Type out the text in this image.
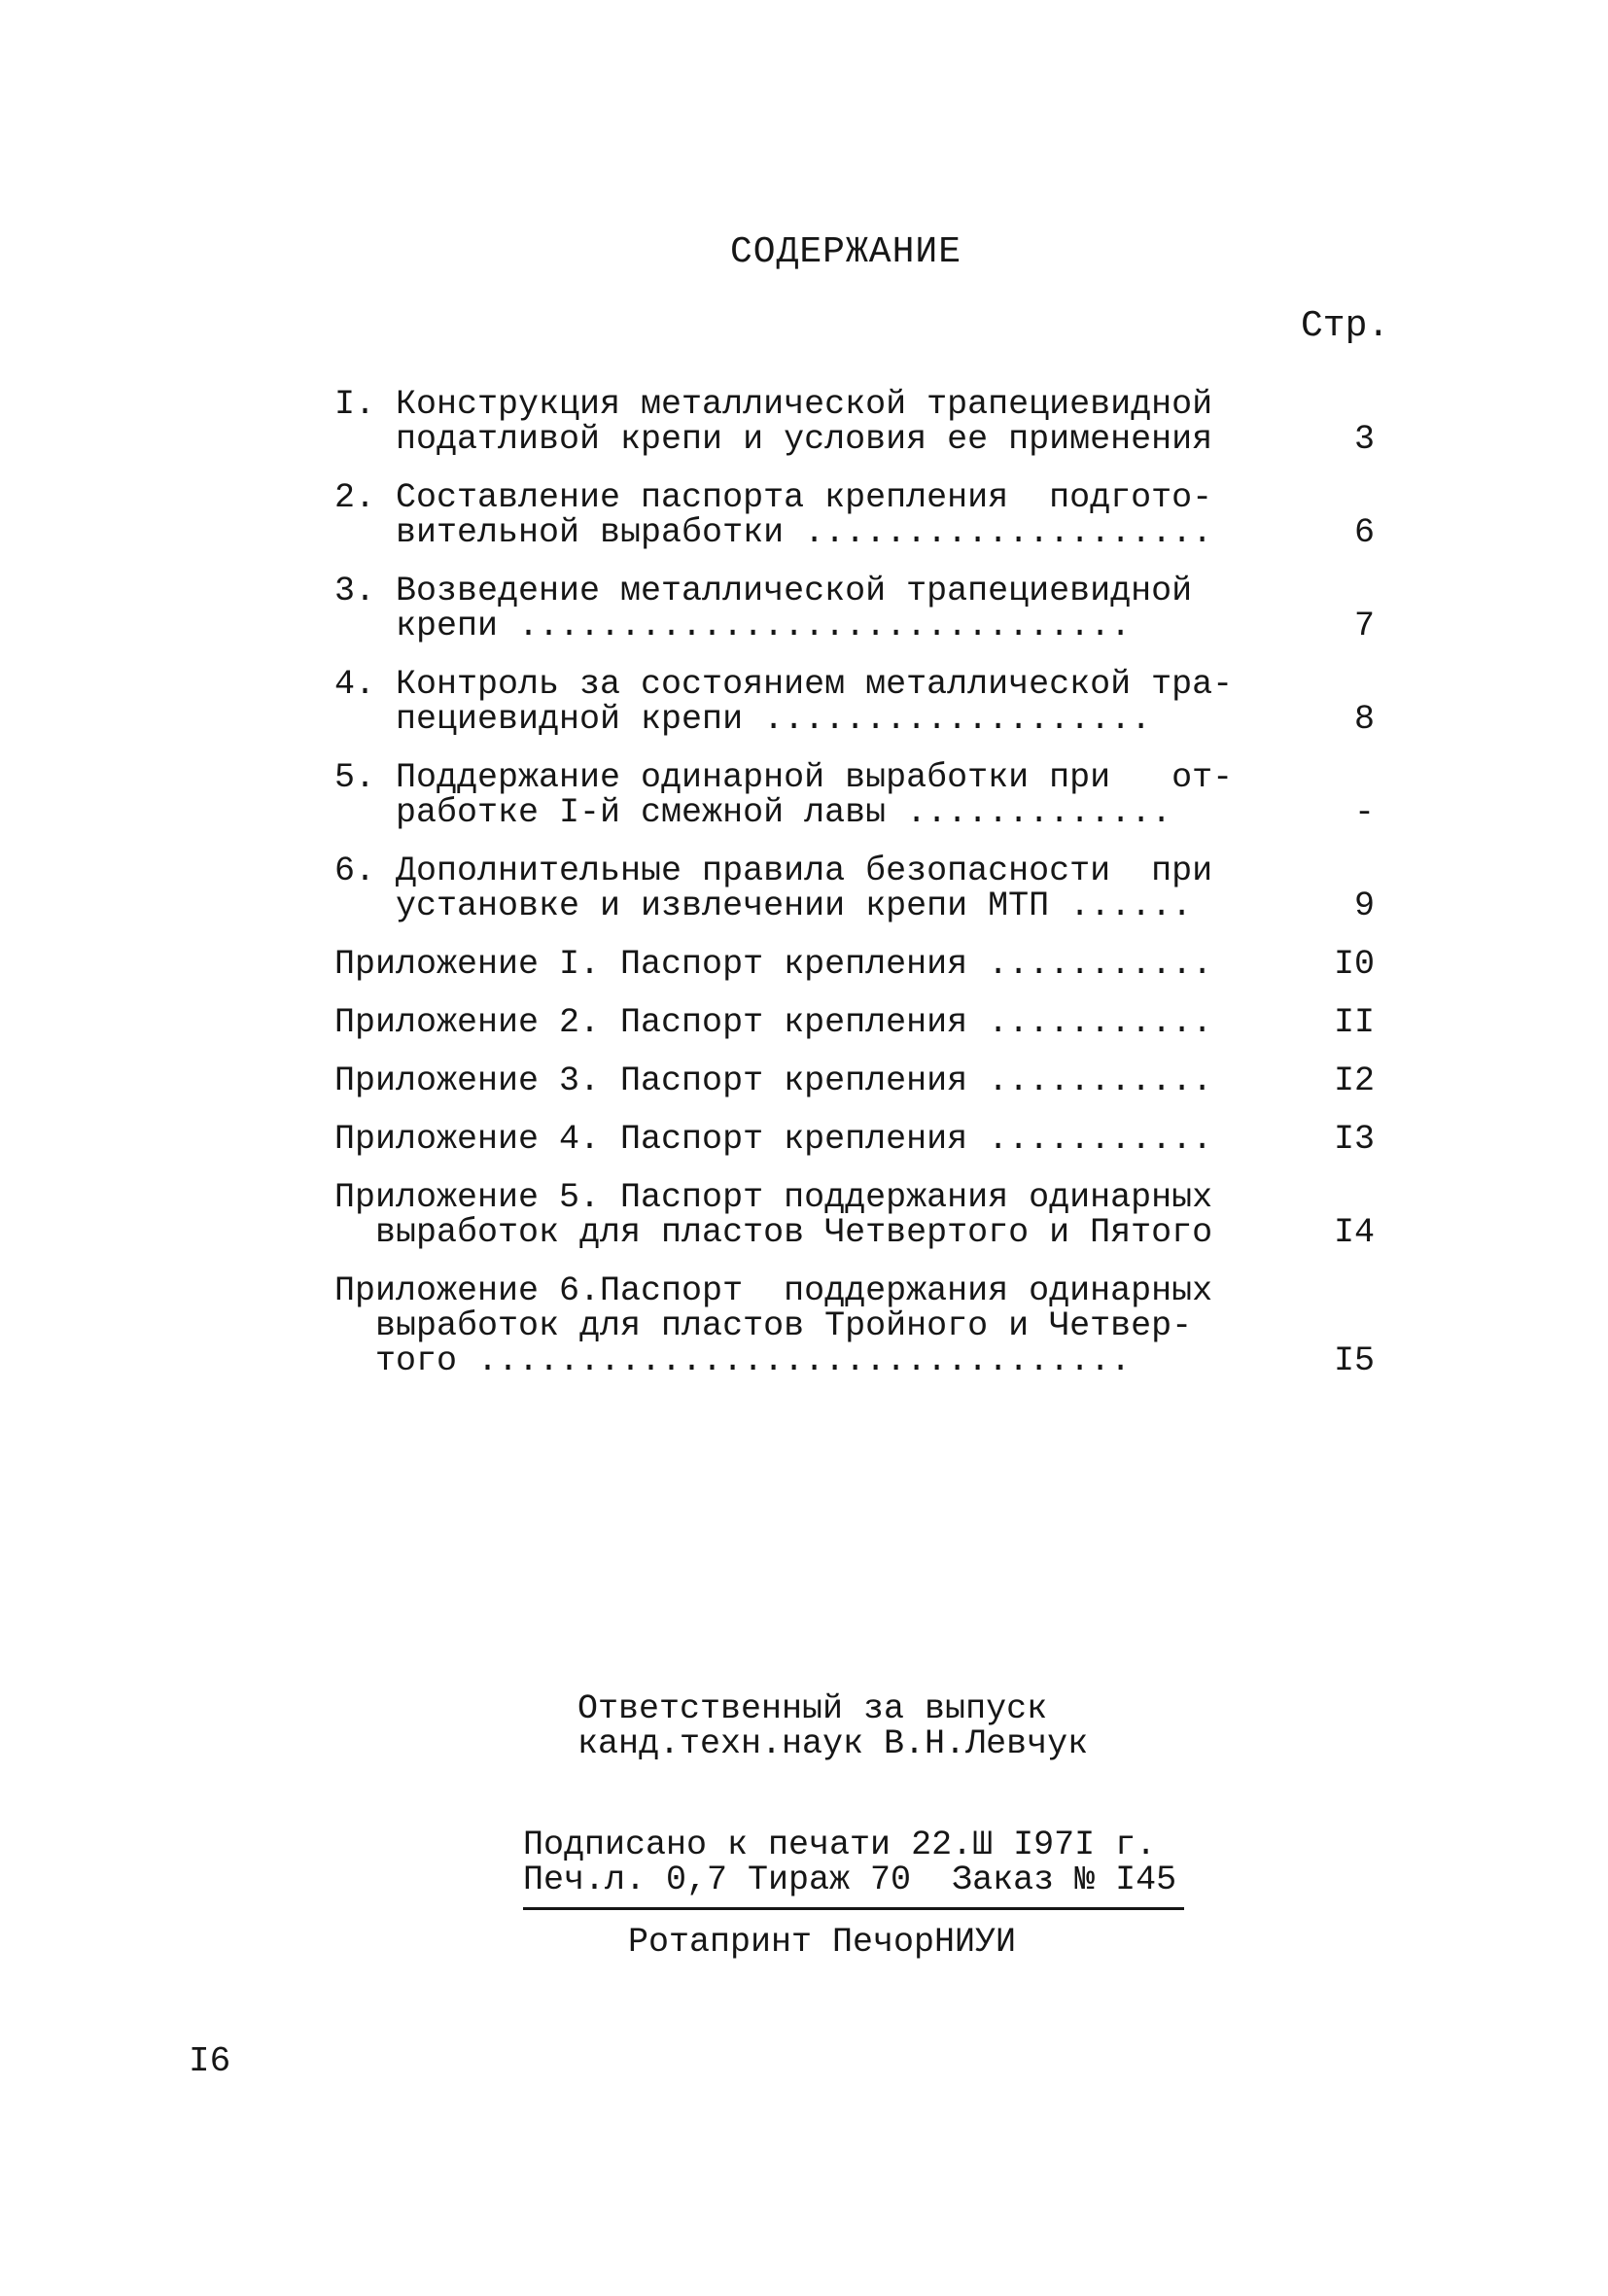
СОДЕРЖАНИЕ
Стр.
I. Конструкция металлической трапециевидной
податливой крепи и условия ее применения	3
2. Составление паспорта крепления  подгото-
вительной выработки ....................	6
3. Возведение металлической трапециевидной
крепи ..............................	7
4. Контроль за состоянием металлической тра-
пециевидной крепи ...................	8
5. Поддержание одинарной выработки при   от-
работке I-й смежной лавы .............	-
6. Дополнительные правила безопасности  при
установке и извлечении крепи МТП ......	9
Приложение I. Паспорт крепления ...........	I0
Приложение 2. Паспорт крепления ...........	II
Приложение 3. Паспорт крепления ...........	I2
Приложение 4. Паспорт крепления ...........	I3
Приложение 5. Паспорт поддержания одинарных
выработок для пластов Четвертого и Пятого	I4
Приложение 6.Паспорт  поддержания одинарных
выработок для пластов Тройного и Четвер-
того ................................	I5
Ответственный за выпуск
канд.техн.наук В.Н.Левчук
Подписано к печати 22.Ш I97I г.
Печ.л. 0,7 Тираж 70  Заказ № I45
Ротапринт ПечорНИУИ
I6
